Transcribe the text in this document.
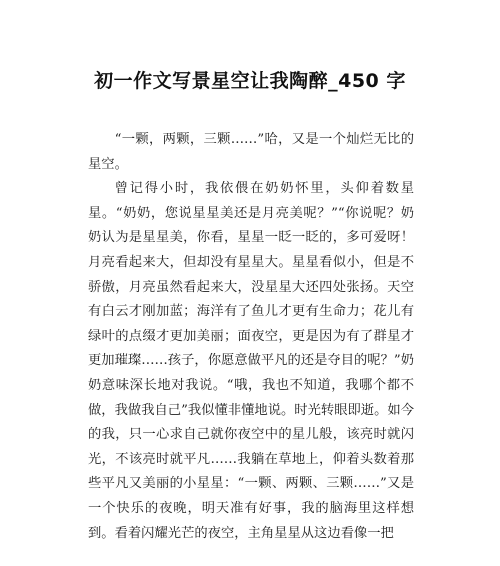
初一作文写景星空让我陶醉_450 字

“一颗，两颗，三颗……”哈，又是一个灿烂无比的星空。

曾记得小时，我依偎在奶奶怀里，头仰着数星星。“奶奶，您说星星美还是月亮美呢？”“你说呢？奶奶认为是星星美，你看，星星一眨一眨的，多可爱呀！月亮看起来大，但却没有星星大。星星看似小，但是不骄傲，月亮虽然看起来大，没星星大还四处张扬。天空有白云才刚加蓝；海洋有了鱼儿才更有生命力；花儿有绿叶的点缀才更加美丽；面夜空，更是因为有了群星才更加璀璨……孩子，你愿意做平凡的还是夺目的呢？”奶奶意味深长地对我说。“哦，我也不知道，我哪个都不做，我做我自己”我似懂非懂地说。时光转眼即逝。如今的我，只一心求自己就你夜空中的星儿般，该亮时就闪光，不该亮时就平凡……我躺在草地上，仰着头数着那些平凡又美丽的小星星：“一颗、两颗、三颗……”又是一个快乐的夜晚，明天准有好事，我的脑海里这样想到。看着闪耀光芒的夜空，主角星星从这边看像一把
